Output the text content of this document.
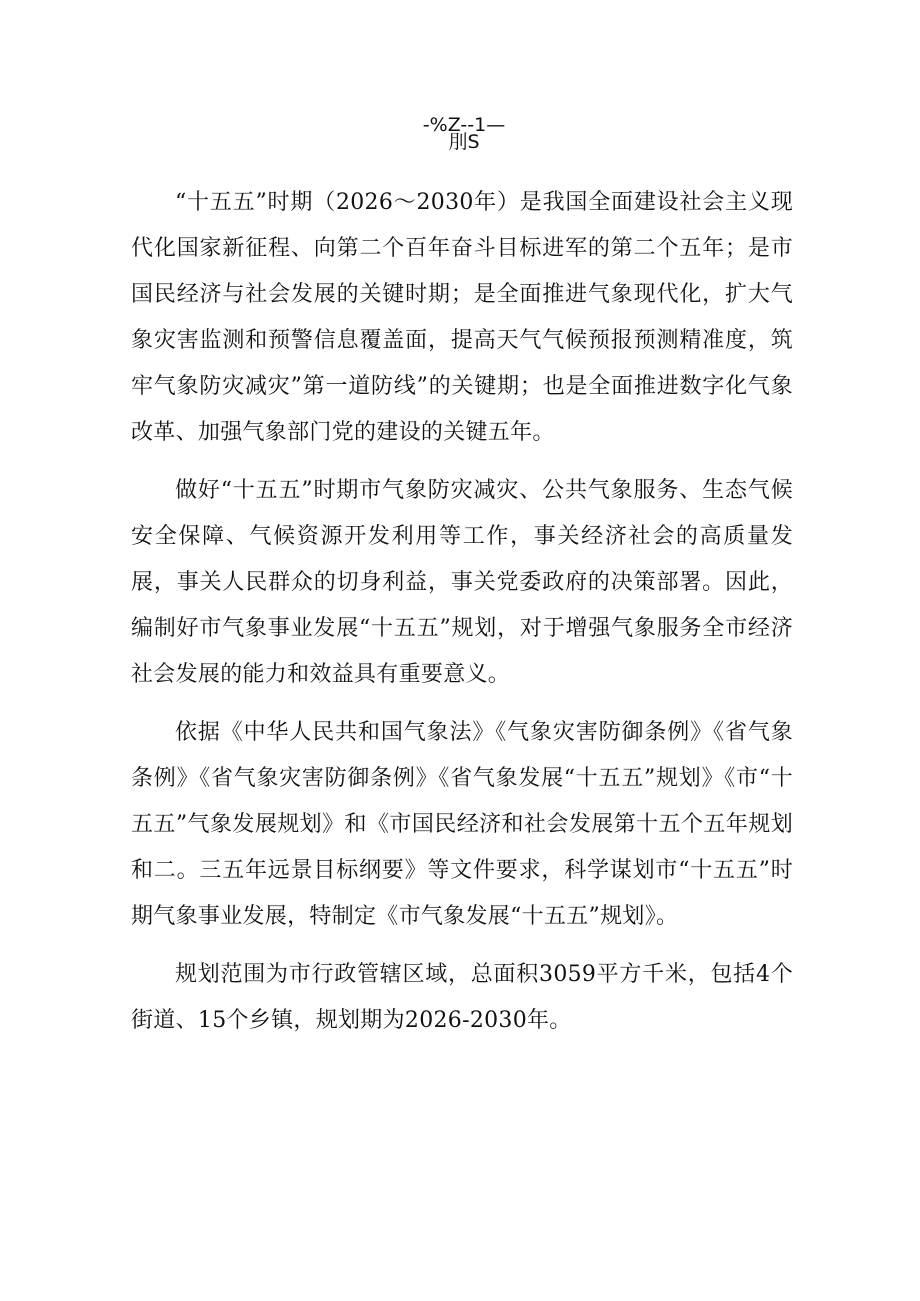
-%Z--1—
刖S

“十五五”时期（2026～2030年）是我国全面建设社会主义现代化国家新征程、向第二个百年奋斗目标进军的第二个五年；是市国民经济与社会发展的关键时期；是全面推进气象现代化，扩大气象灾害监测和预警信息覆盖面，提高天气气候预报预测精准度，筑牢气象防灾减灾”第一道防线”的关键期；也是全面推进数字化气象改革、加强气象部门党的建设的关键五年。

做好“十五五”时期市气象防灾减灾、公共气象服务、生态气候安全保障、气候资源开发利用等工作，事关经济社会的高质量发展，事关人民群众的切身利益，事关党委政府的决策部署。因此，编制好市气象事业发展“十五五”规划，对于增强气象服务全市经济社会发展的能力和效益具有重要意义。

依据《中华人民共和国气象法》《气象灾害防御条例》《省气象条例》《省气象灾害防御条例》《省气象发展“十五五”规划》《市“十五五”气象发展规划》和《市国民经济和社会发展第十五个五年规划和二。三五年远景目标纲要》等文件要求，科学谋划市“十五五”时期气象事业发展，特制定《市气象发展“十五五”规划》。

规划范围为市行政管辖区域，总面积3059平方千米，包括4个街道、15个乡镇，规划期为2026-2030年。
